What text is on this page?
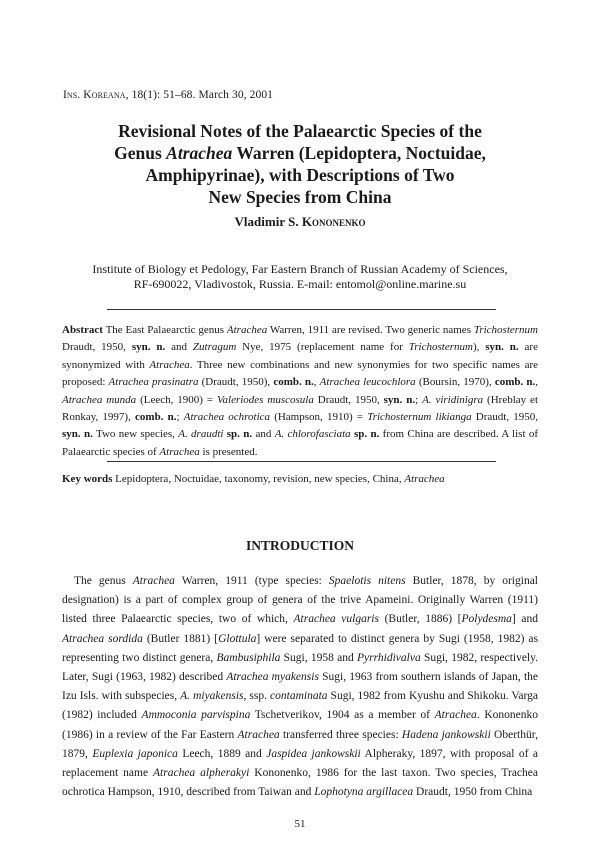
Ins. Koreana, 18(1): 51–68. March 30, 2001
Revisional Notes of the Palaearctic Species of the
Genus Atrachea Warren (Lepidoptera, Noctuidae,
Amphipyrinae), with Descriptions of Two
New Species from China
Vladimir S. Kononenko
Institute of Biology et Pedology, Far Eastern Branch of Russian Academy of Sciences,
RF-690022, Vladivostok, Russia. E-mail: entomol@online.marine.su
Abstract The East Palaearctic genus Atrachea Warren, 1911 are revised. Two generic names Trichosternum Draudt, 1950, syn. n. and Zutragum Nye, 1975 (replacement name for Trichosternum), syn. n. are synonymized with Atrachea. Three new combinations and new synonymies for two specific names are proposed: Atrachea prasinatra (Draudt, 1950), comb. n., Atrachea leucochlora (Boursin, 1970), comb. n., Atrachea munda (Leech, 1900) = Valeriodes muscosula Draudt, 1950, syn. n.; A. viridinigra (Hreblay et Ronkay, 1997), comb. n.; Atrachea ochrotica (Hampson, 1910) = Trichosternum likianga Draudt, 1950, syn. n. Two new species, A. draudti sp. n. and A. chlorofasciata sp. n. from China are described. A list of Palaearctic species of Atrachea is presented.
Key words Lepidoptera, Noctuidae, taxonomy, revision, new species, China, Atrachea
INTRODUCTION
The genus Atrachea Warren, 1911 (type species: Spaelotis nitens Butler, 1878, by original designation) is a part of complex group of genera of the trive Apameini. Originally Warren (1911) listed three Palaearctic species, two of which, Atrachea vulgaris (Butler, 1886) [Polydesma] and Atrachea sordida (Butler 1881) [Glottula] were separated to distinct genera by Sugi (1958, 1982) as representing two distinct genera, Bambusiphila Sugi, 1958 and Pyrrhidivalva Sugi, 1982, respectively. Later, Sugi (1963, 1982) described Atrachea myakensis Sugi, 1963 from southern islands of Japan, the Izu Isls. with subspecies, A. miyakensis, ssp. contaminata Sugi, 1982 from Kyushu and Shikoku. Varga (1982) included Ammoconia parvispina Tschetverikov, 1904 as a member of Atrachea. Kononenko (1986) in a review of the Far Eastern Atrachea transferred three species: Hadena jankowskii Oberthür, 1879, Euplexia japonica Leech, 1889 and Jaspidea jankowskii Alpheraky, 1897, with proposal of a replacement name Atrachea alpherakyi Kononenko, 1986 for the last taxon. Two species, Trachea ochrotica Hampson, 1910, described from Taiwan and Lophotyna argillacea Draudt, 1950 from China
51
